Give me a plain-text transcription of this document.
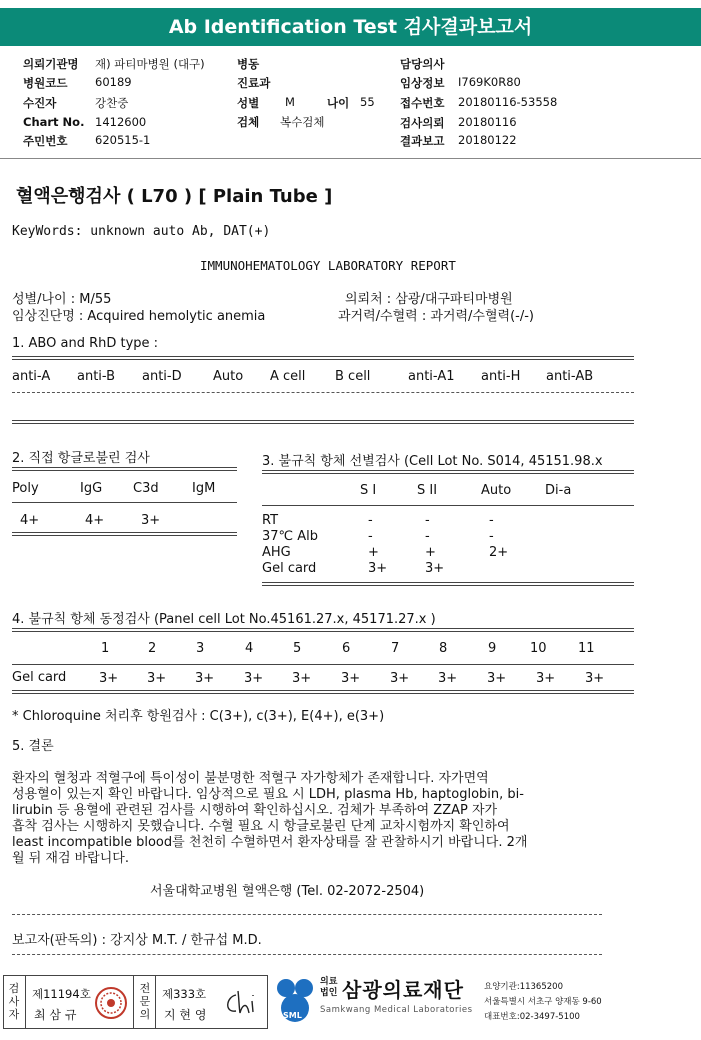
Ab Identification Test 검사결과보고서
의뢰기관명 재) 파티마병원 (대구)
병원코드 60189
수진자	강찬중
Chart No. 1412600
주민번호 620515-1
병동
진료과
성별 M	나이 55
검체 복수검체
담당의사
임상정보 I769K0R80
접수번호 20180116-53558
검사의뢰 20180116
결과보고 20180122
혈액은행검사 ( L70 ) [ Plain Tube ]
KeyWords: unknown auto Ab, DAT(+)
IMMUNOHEMATOLOGY LABORATORY REPORT
성별/나이 : M/55	의뢰처 : 삼광/대구파티마병원
임상진단명 : Acquired hemolytic anemia	과거력/수혈력 : 과거력/수혈력(-/-)
1. ABO and RhD type :
anti-A anti-B anti-D Auto A cell B cell	anti-A1 anti-H anti-AB
2. 직접 항글로불린 검사
Poly	IgG C3d	IgM
4+	4+	3+
3. 불규칙 항체 선별검사 (Cell Lot No. S014, 45151.98.x
S I	S II	Auto	Di-a
RT	-	-	-
37℃ Alb	-	-	-
AHG	+	+	2+
Gel card	3+	3+
4. 불규칙 항체 동정검사 (Panel cell Lot No.45161.27.x, 45171.27.x )
1	2	3	4	5	6	7	8	9	10 11
Gel card	3+ 3+ 3+ 3+ 3+ 3+ 3+ 3+ 3+ 3+ 3+
* Chloroquine 처리후 항원검사 : C(3+), c(3+), E(4+), e(3+)
5. 결론
환자의 혈청과 적혈구에 특이성이 불분명한 적혈구 자가항체가 존재합니다. 자가면역
성용혈이 있는지 확인 바랍니다. 임상적으로 필요 시 LDH, plasma Hb, haptoglobin, bi-
lirubin 등 용혈에 관련된 검사를 시행하여 확인하십시오. 검체가 부족하여 ZZAP 자가
흡착 검사는 시행하지 못했습니다. 수혈 필요 시 항글로불린 단계 교차시험까지 확인하여
least incompatible blood를 천천히 수혈하면서 환자상태를 잘 관찰하시기 바랍니다. 2개
월 뒤 재검 바랍니다.
서울대학교병원 혈액은행 (Tel. 02-2072-2504)
보고자(판독의) : 강지상 M.T. / 한규섭 M.D.
검사자
제11194호
최 삼 규
전문의
제333호
지 현 영	SML
의료법인 삼광의료재단
Samkwang Medical Laboratories
요양기관:11365200
서울특별시 서초구 양재동 9-60
대표번호:02-3497-5100
